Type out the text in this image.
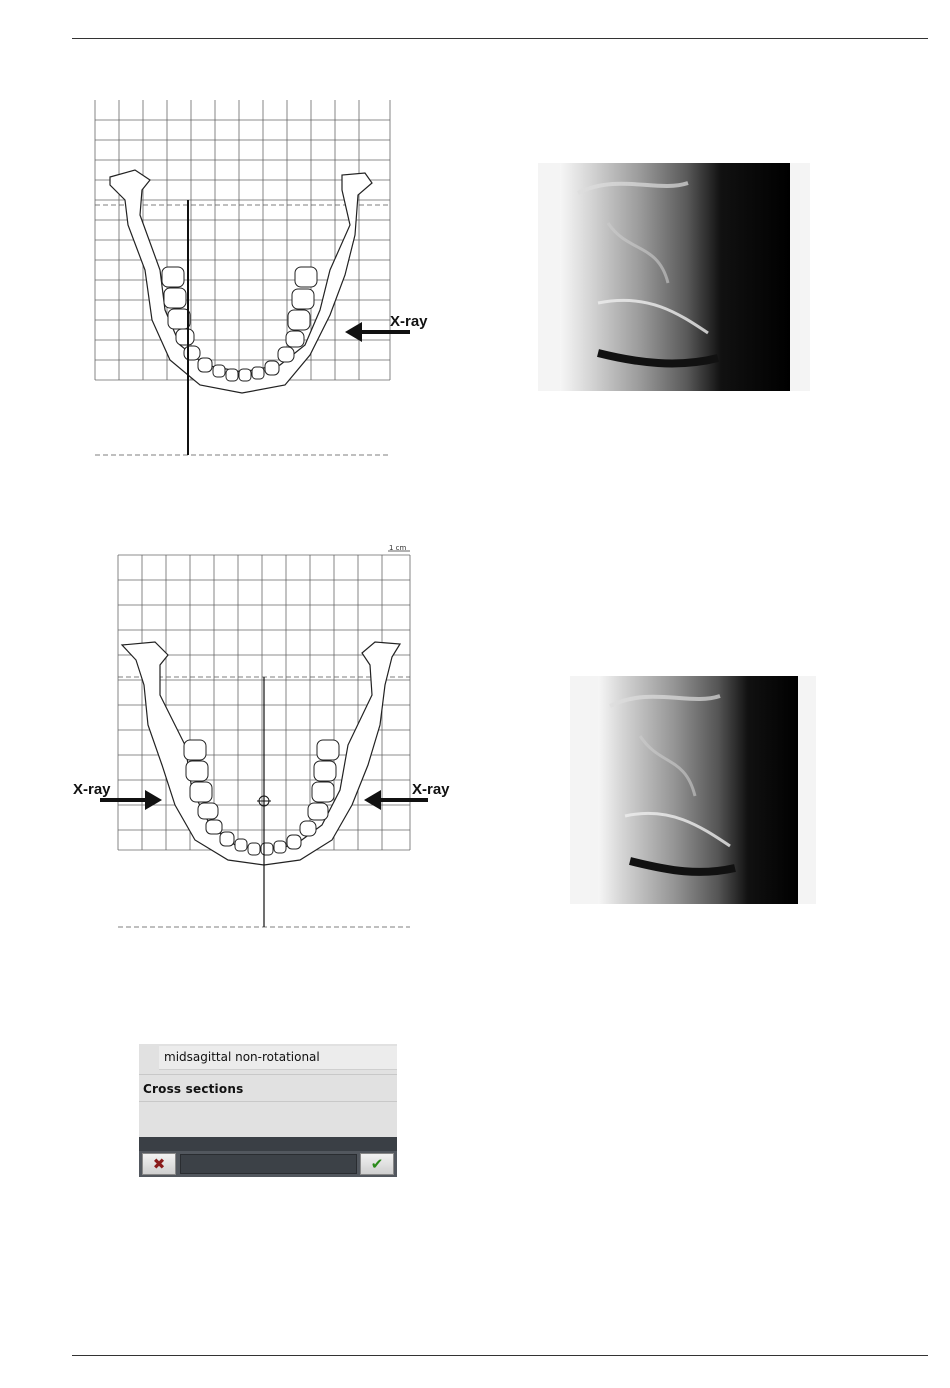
X-ray
1 cm
X-ray	X-ray
midsagittal non-rotational
Cross sections
✖	✔
